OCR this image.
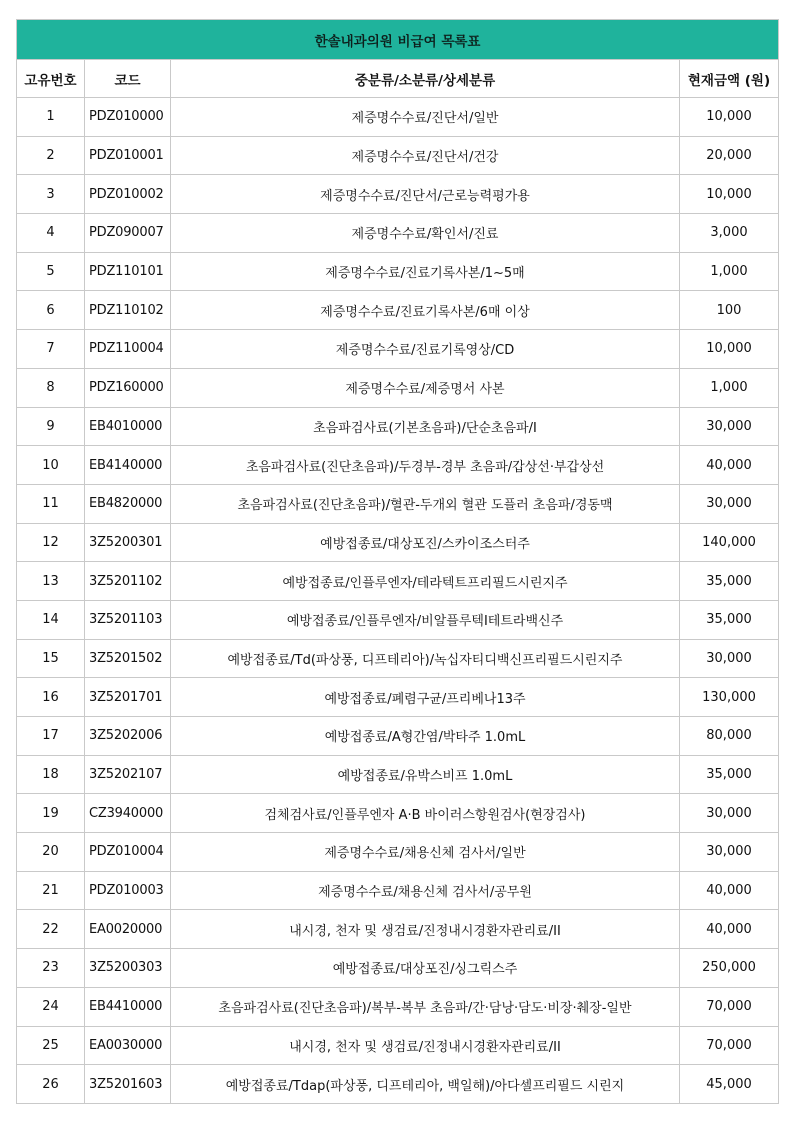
한솔내과의원 비급여 목록표			
고유번호	코드	중분류/소분류/상세분류	현재금액 (원)
1	PDZ010000	제증명수수료/진단서/일반	10,000
2	PDZ010001	제증명수수료/진단서/건강	20,000
3	PDZ010002	제증명수수료/진단서/근로능력평가용	10,000
4	PDZ090007	제증명수수료/확인서/진료	3,000
5	PDZ110101	제증명수수료/진료기록사본/1~5매	1,000
6	PDZ110102	제증명수수료/진료기록사본/6매 이상	100
7	PDZ110004	제증명수수료/진료기록영상/CD	10,000
8	PDZ160000	제증명수수료/제증명서 사본	1,000
9	EB4010000	초음파검사료(기본초음파)/단순초음파/I	30,000
10	EB4140000	초음파검사료(진단초음파)/두경부-경부 초음파/갑상선·부갑상선	40,000
11	EB4820000	초음파검사료(진단초음파)/혈관-두개외 혈관 도플러 초음파/경동맥	30,000
12	3Z5200301	예방접종료/대상포진/스카이조스터주	140,000
13	3Z5201102	예방접종료/인플루엔자/테라텍트프리필드시린지주	35,000
14	3Z5201103	예방접종료/인플루엔자/비알플루텍I테트라백신주	35,000
15	3Z5201502	예방접종료/Td(파상풍, 디프테리아)/녹십자티디백신프리필드시린지주	30,000
16	3Z5201701	예방접종료/폐렴구균/프리베나13주	130,000
17	3Z5202006	예방접종료/A형간염/박타주 1.0mL	80,000
18	3Z5202107	예방접종료/유박스비프 1.0mL	35,000
19	CZ3940000	검체검사료/인플루엔자 A·B 바이러스항원검사(현장검사)	30,000
20	PDZ010004	제증명수수료/채용신체 검사서/일반	30,000
21	PDZ010003	제증명수수료/채용신체 검사서/공무원	40,000
22	EA0020000	내시경, 천자 및 생검료/진정내시경환자관리료/II	40,000
23	3Z5200303	예방접종료/대상포진/싱그릭스주	250,000
24	EB4410000	초음파검사료(진단초음파)/복부-복부 초음파/간·담낭·담도·비장·췌장-일반	70,000
25	EA0030000	내시경, 천자 및 생검료/진정내시경환자관리료/II	70,000
26	3Z5201603	예방접종료/Tdap(파상풍, 디프테리아, 백일해)/아다셀프리필드 시린지	45,000
